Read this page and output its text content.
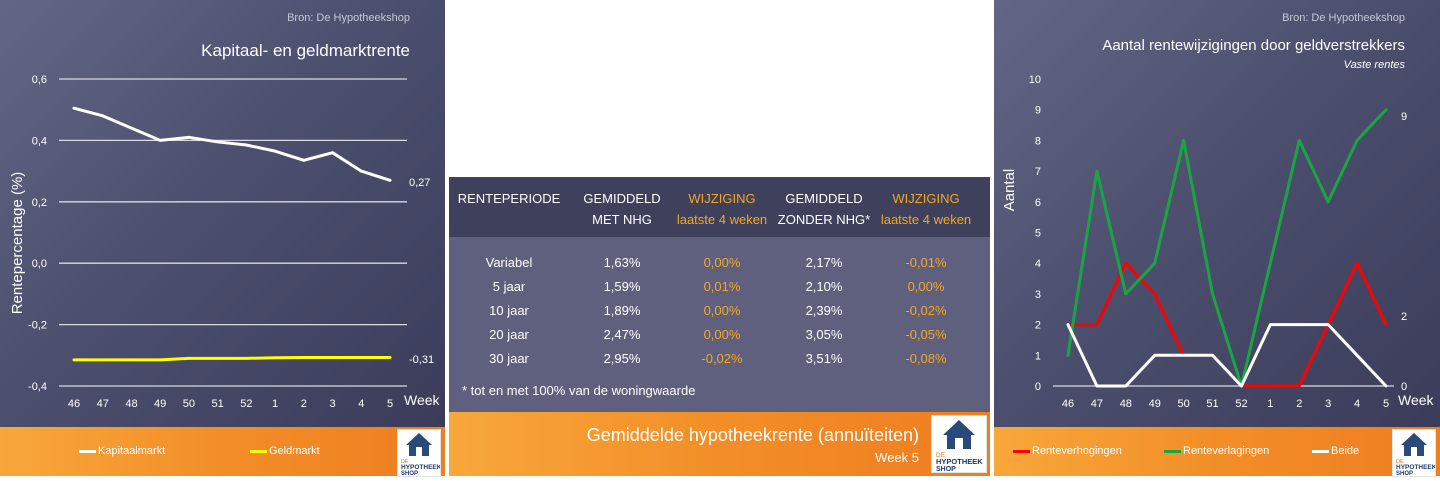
Bron: De Hypotheekshop
Kapitaal- en geldmarktrente
Rentepercentage (%)
Week
0,27
-0,31
0,6
0,4
0,2
0,0
-0,2
-0,4
46 47 48 49 50 51 52 1 2 3 4 5
Kapitaalmarkt	Geldmarkt
DE
HYPOTHEEK
SHOP
RENTEPERIODE	GEMIDDELD
MET NHG
WIJZIGING
laatste 4 weken
GEMIDDELD
ZONDER NHG*
WIJZIGING
laatste 4 weken
Variabel	1,63%	0,00%	2,17%	-0,01%
5 jaar	1,59%	0,01%	2,10%	0,00%
10 jaar	1,89%	0,00%	2,39%	-0,02%
20 jaar	2,47%	0,00%	3,05%	-0,05%
30 jaar	2,95%	-0,02%	3,51%	-0,08%
* tot en met 100% van de woningwaarde
Gemiddelde hypotheekrente (annuïteiten)
Week 5	DE
HYPOTHEEK
SHOP
Bron: De Hypotheekshop
Aantal rentewijzigingen door geldverstrekkers
Vaste rentes
Aantal
Week
9
2
0
10
9
8
7
6
5
4
3
2
1
0
46 47 48 49 50 51 52 1 2 3 4 5
Renteverhogingen	Renteverlagingen	Beide
DE
HYPOTHEEK
SHOP
